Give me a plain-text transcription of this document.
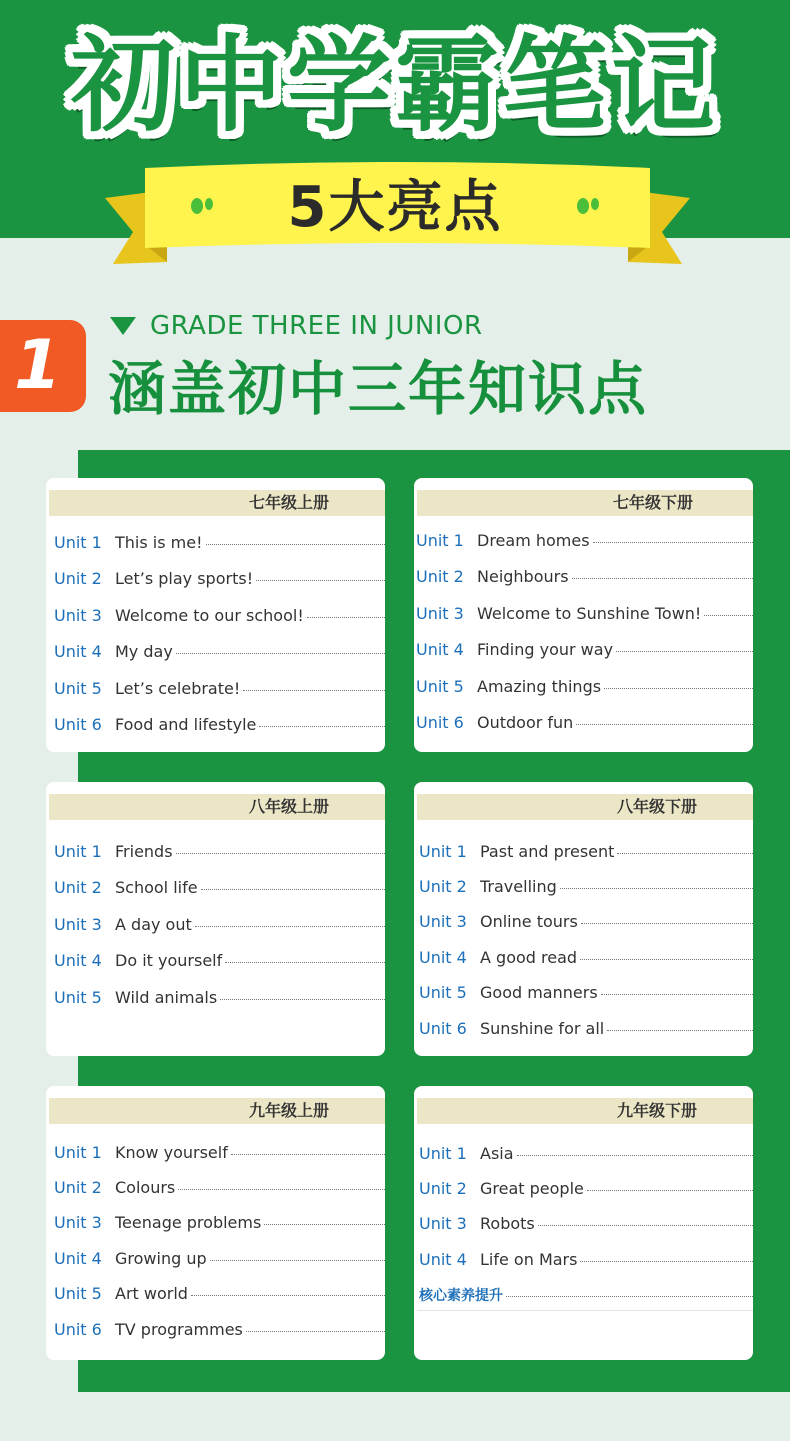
初中学霸笔记
5大亮点
1	GRADE THREE IN JUNIOR
涵盖初中三年知识点
七年级上册
Unit 1 This is me!
Unit 2 Let’s play sports!
Unit 3 Welcome to our school!
Unit 4 My day
Unit 5 Let’s celebrate!
Unit 6 Food and lifestyle
七年级下册
Unit 1 Dream homes
Unit 2 Neighbours
Unit 3 Welcome to Sunshine Town!
Unit 4 Finding your way
Unit 5 Amazing things
Unit 6 Outdoor fun
八年级上册
Unit 1 Friends
Unit 2 School life
Unit 3 A day out
Unit 4 Do it yourself
Unit 5 Wild animals
八年级下册
Unit 1 Past and present
Unit 2 Travelling
Unit 3 Online tours
Unit 4 A good read
Unit 5 Good manners
Unit 6 Sunshine for all
九年级上册
Unit 1 Know yourself
Unit 2 Colours
Unit 3 Teenage problems
Unit 4 Growing up
Unit 5 Art world
Unit 6 TV programmes
九年级下册
Unit 1 Asia
Unit 2 Great people
Unit 3 Robots
Unit 4 Life on Mars
核心素养提升
